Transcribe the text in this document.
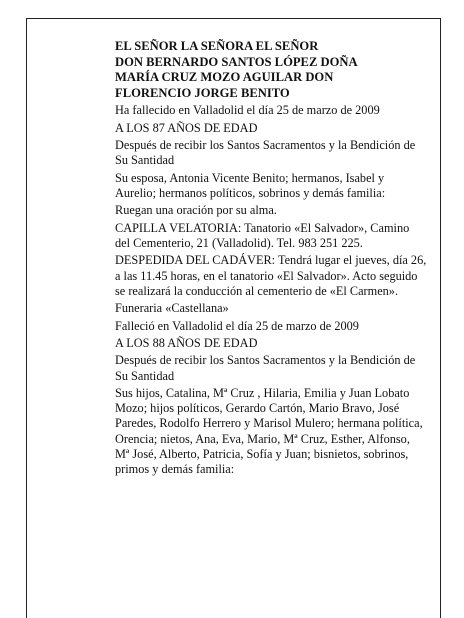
EL SEÑOR LA SEÑORA EL SEÑOR
DON BERNARDO SANTOS LÓPEZ DOÑA
MARÍA CRUZ MOZO AGUILAR DON
FLORENCIO JORGE BENITO

Ha fallecido en Valladolid el día 25 de marzo de 2009

A LOS 87 AÑOS DE EDAD

Después de recibir los Santos Sacramentos y la Bendición de Su Santidad

Su esposa, Antonia Vicente Benito; hermanos, Isabel y Aurelio; hermanos políticos, sobrinos y demás familia:

Ruegan una oración por su alma.

CAPILLA VELATORIA: Tanatorio «El Salvador», Camino del Cementerio, 21 (Valladolid). Tel. 983 251 225.

DESPEDIDA DEL CADÁVER: Tendrá lugar el jueves, día 26, a las 11.45 horas, en el tanatorio «El Salvador». Acto seguido se realizará la conducción al cementerio de «El Carmen».

Funeraria «Castellana»

Falleció en Valladolid el día 25 de marzo de 2009

A LOS 88 AÑOS DE EDAD

Después de recibir los Santos Sacramentos y la Bendición de Su Santidad

Sus hijos, Catalina, Mª Cruz , Hilaria, Emilia y Juan Lobato Mozo; hijos políticos, Gerardo Cartón, Mario Bravo, José Paredes, Rodolfo Herrero y Marisol Mulero; hermana política, Orencia; nietos, Ana, Eva, Mario, Mª Cruz, Esther, Alfonso, Mª José, Alberto, Patricia, Sofía y Juan; bisnietos, sobrinos, primos y demás familia:
